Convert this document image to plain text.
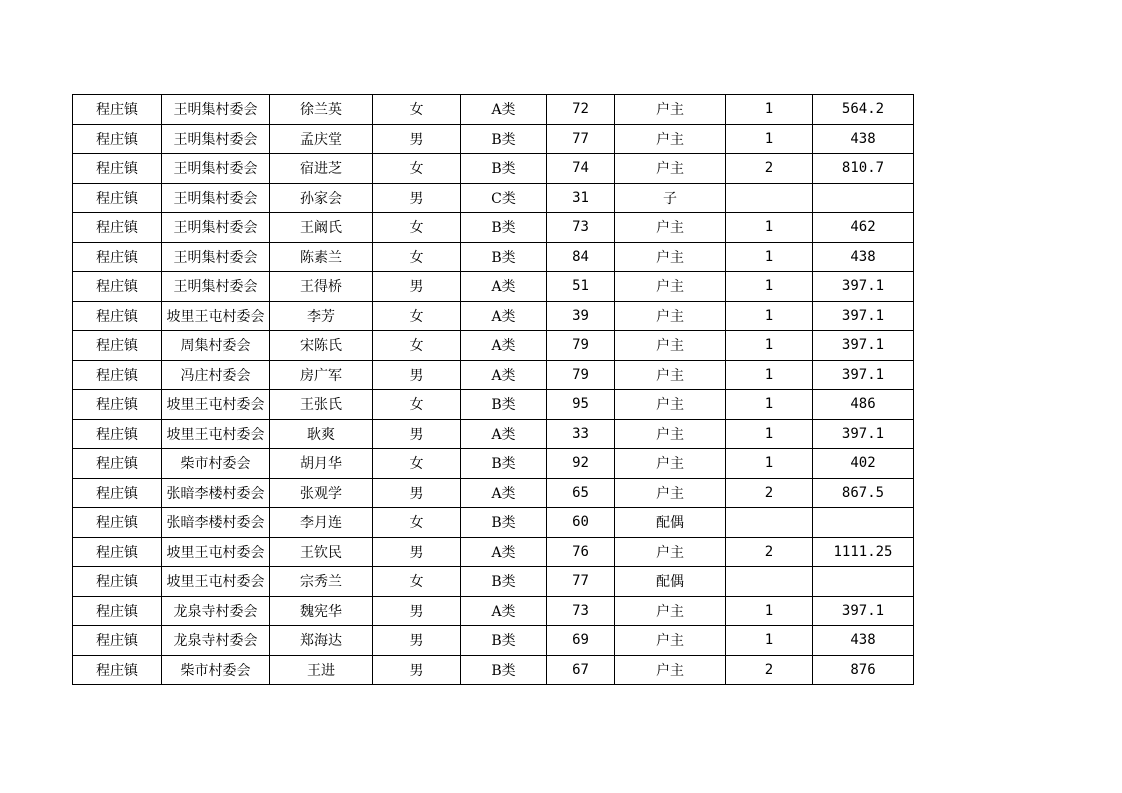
程庄镇	王明集村委会	徐兰英	女	A类	72	户主	1	564.2
程庄镇	王明集村委会	孟庆堂	男	B类	77	户主	1	438
程庄镇	王明集村委会	宿进芝	女	B类	74	户主	2	810.7
程庄镇	王明集村委会	孙家会	男	C类	31	子		
程庄镇	王明集村委会	王阚氏	女	B类	73	户主	1	462
程庄镇	王明集村委会	陈素兰	女	B类	84	户主	1	438
程庄镇	王明集村委会	王得桥	男	A类	51	户主	1	397.1
程庄镇	坡里王屯村委会	李芳	女	A类	39	户主	1	397.1
程庄镇	周集村委会	宋陈氏	女	A类	79	户主	1	397.1
程庄镇	冯庄村委会	房广军	男	A类	79	户主	1	397.1
程庄镇	坡里王屯村委会	王张氏	女	B类	95	户主	1	486
程庄镇	坡里王屯村委会	耿爽	男	A类	33	户主	1	397.1
程庄镇	柴市村委会	胡月华	女	B类	92	户主	1	402
程庄镇	张暗李楼村委会	张观学	男	A类	65	户主	2	867.5
程庄镇	张暗李楼村委会	李月连	女	B类	60	配偶		
程庄镇	坡里王屯村委会	王钦民	男	A类	76	户主	2	1111.25
程庄镇	坡里王屯村委会	宗秀兰	女	B类	77	配偶		
程庄镇	龙泉寺村委会	魏宪华	男	A类	73	户主	1	397.1
程庄镇	龙泉寺村委会	郑海达	男	B类	69	户主	1	438
程庄镇	柴市村委会	王进	男	B类	67	户主	2	876
